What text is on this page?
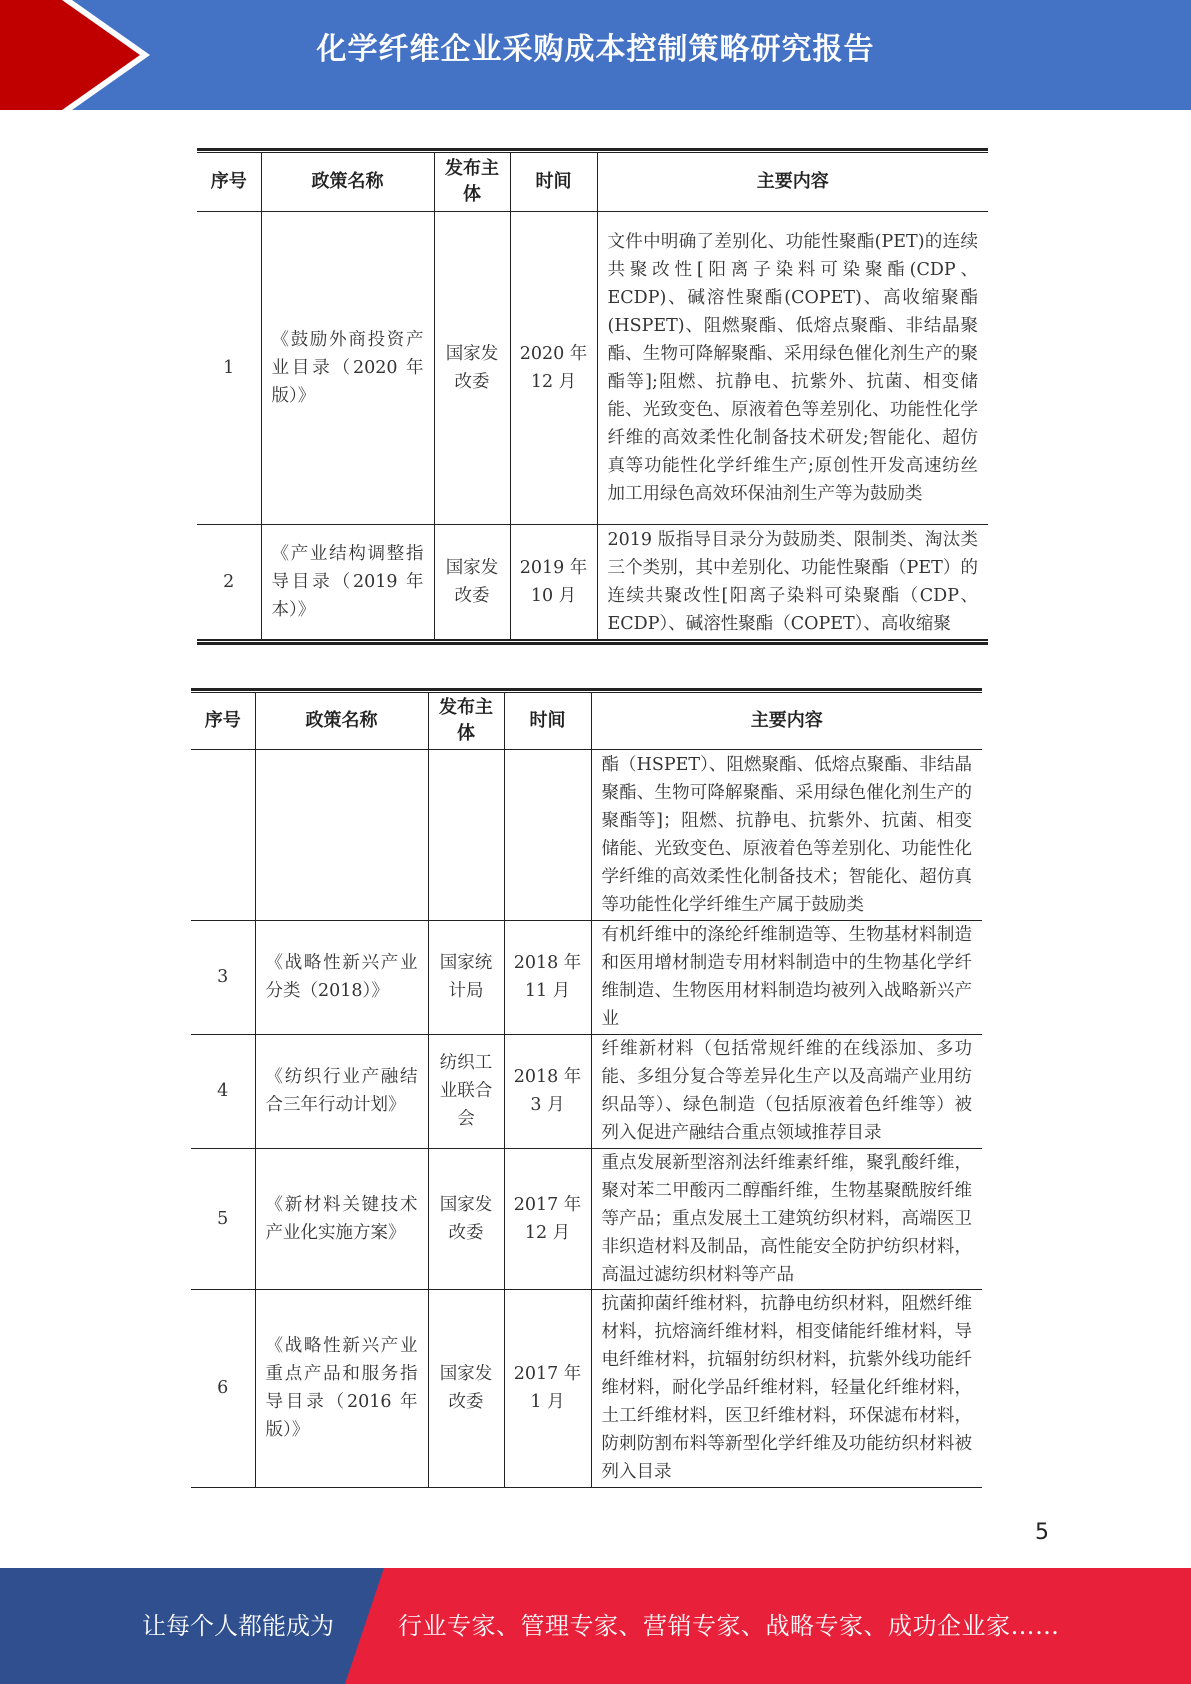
化学纤维企业采购成本控制策略研究报告
序号	政策名称	发布主体	时间	主要内容
1	《鼓励外商投资产业目录（2020 年版）》	国家发改委	2020 年 12 月	文件中明确了差别化、功能性聚酯(PET)的连续共聚改性[阳离子染料可染聚酯(CDP、ECDP)、碱溶性聚酯(COPET)、高收缩聚酯(HSPET)、阻燃聚酯、低熔点聚酯、非结晶聚酯、生物可降解聚酯、采用绿色催化剂生产的聚酯等];阻燃、抗静电、抗紫外、抗菌、相变储能、光致变色、原液着色等差别化、功能性化学纤维的高效柔性化制备技术研发;智能化、超仿真等功能性化学纤维生产;原创性开发高速纺丝加工用绿色高效环保油剂生产等为鼓励类
2	《产业结构调整指导目录（2019 年本）》	国家发改委	2019 年 10 月	2019 版指导目录分为鼓励类、限制类、淘汰类三个类别，其中差别化、功能性聚酯（PET）的连续共聚改性[阳离子染料可染聚酯（CDP、ECDP）、碱溶性聚酯（COPET）、高收缩聚
序号	政策名称	发布主体	时间	主要内容
				酯（HSPET）、阻燃聚酯、低熔点聚酯、非结晶聚酯、生物可降解聚酯、采用绿色催化剂生产的聚酯等]；阻燃、抗静电、抗紫外、抗菌、相变储能、光致变色、原液着色等差别化、功能性化学纤维的高效柔性化制备技术；智能化、超仿真等功能性化学纤维生产属于鼓励类
3	《战略性新兴产业分类（2018）》	国家统计局	2018 年 11 月	有机纤维中的涤纶纤维制造等、生物基材料制造和医用增材制造专用材料制造中的生物基化学纤维制造、生物医用材料制造均被列入战略新兴产业
4	《纺织行业产融结合三年行动计划》	纺织工业联合会	2018 年 3 月	纤维新材料（包括常规纤维的在线添加、多功能、多组分复合等差异化生产以及高端产业用纺织品等）、绿色制造（包括原液着色纤维等）被列入促进产融结合重点领域推荐目录
5	《新材料关键技术产业化实施方案》	国家发改委	2017 年 12 月	重点发展新型溶剂法纤维素纤维，聚乳酸纤维，聚对苯二甲酸丙二醇酯纤维，生物基聚酰胺纤维等产品；重点发展土工建筑纺织材料，高端医卫非织造材料及制品，高性能安全防护纺织材料，高温过滤纺织材料等产品
6	《战略性新兴产业重点产品和服务指导目录（2016 年版）》	国家发改委	2017 年 1 月	抗菌抑菌纤维材料，抗静电纺织材料，阻燃纤维材料，抗熔滴纤维材料，相变储能纤维材料，导电纤维材料，抗辐射纺织材料，抗紫外线功能纤维材料，耐化学品纤维材料，轻量化纤维材料，土工纤维材料，医卫纤维材料，环保滤布材料，防刺防割布料等新型化学纤维及功能纺织材料被列入目录
5
让每个人都能成为	行业专家、管理专家、营销专家、战略专家、成功企业家……
